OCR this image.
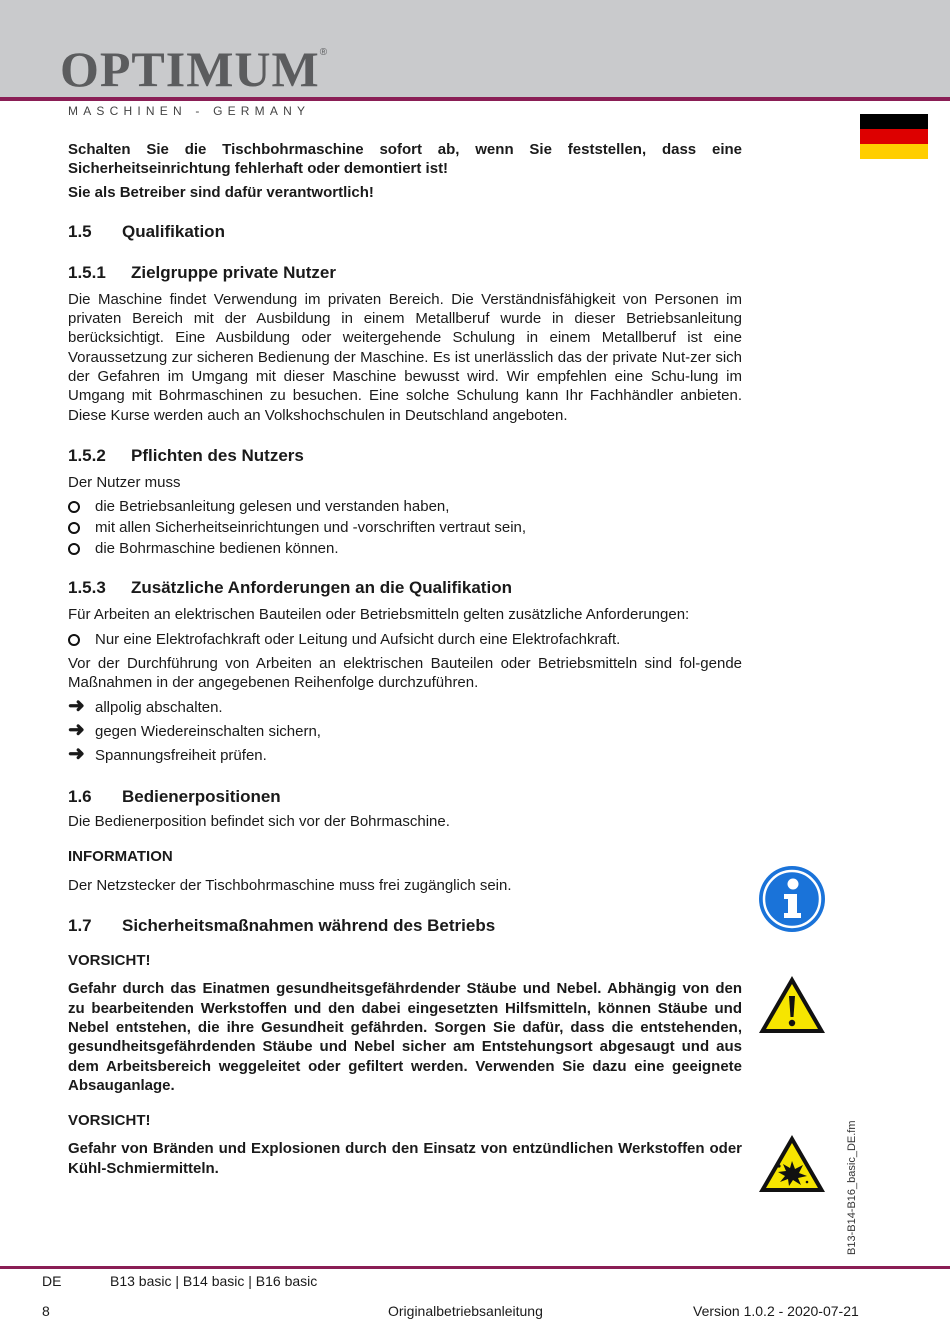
OPTIMUM®
MASCHINEN - GERMANY

Schalten Sie die Tischbohrmaschine sofort ab, wenn Sie feststellen, dass eine Sicherheitseinrichtung fehlerhaft oder demontiert ist!

Sie als Betreiber sind dafür verantwortlich!

1.5 Qualifikation
1.5.1 Zielgruppe private Nutzer

Die Maschine findet Verwendung im privaten Bereich. Die Verständnisfähigkeit von Personen im privaten Bereich mit der Ausbildung in einem Metallberuf wurde in dieser Betriebsanleitung berücksichtigt. Eine Ausbildung oder weitergehende Schulung in einem Metallberuf ist eine Voraussetzung zur sicheren Bedienung der Maschine. Es ist unerlässlich das der private Nut-zer sich der Gefahren im Umgang mit dieser Maschine bewusst wird. Wir empfehlen eine Schu-lung im Umgang mit Bohrmaschinen zu besuchen. Eine solche Schulung kann Ihr Fachhändler anbieten. Diese Kurse werden auch an Volkshochschulen in Deutschland angeboten.

1.5.2 Pflichten des Nutzers

Der Nutzer muss

die Betriebsanleitung gelesen und verstanden haben,
mit allen Sicherheitseinrichtungen und -vorschriften vertraut sein,
die Bohrmaschine bedienen können.
1.5.3 Zusätzliche Anforderungen an die Qualifikation

Für Arbeiten an elektrischen Bauteilen oder Betriebsmitteln gelten zusätzliche Anforderungen:

Nur eine Elektrofachkraft oder Leitung und Aufsicht durch eine Elektrofachkraft.

Vor der Durchführung von Arbeiten an elektrischen Bauteilen oder Betriebsmitteln sind fol-gende Maßnahmen in der angegebenen Reihenfolge durchzuführen.

➜ allpolig abschalten.
➜ gegen Wiedereinschalten sichern,
➜ Spannungsfreiheit prüfen.
1.6 Bedienerpositionen

Die Bedienerposition befindet sich vor der Bohrmaschine.

INFORMATION

Der Netzstecker der Tischbohrmaschine muss frei zugänglich sein.

1.7 Sicherheitsmaßnahmen während des Betriebs

VORSICHT!

Gefahr durch das Einatmen gesundheitsgefährdender Stäube und Nebel. Abhängig von den zu bearbeitenden Werkstoffen und den dabei eingesetzten Hilfsmitteln, können Stäube und Nebel entstehen, die ihre Gesundheit gefährden. Sorgen Sie dafür, dass die entstehenden, gesundheitsgefährdenden Stäube und Nebel sicher am Entstehungsort abgesaugt und aus dem Arbeitsbereich weggeleitet oder gefiltert werden. Verwenden Sie dazu eine geeignete Absauganlage.

VORSICHT!

Gefahr von Bränden und Explosionen durch den Einsatz von entzündlichen Werkstoffen oder Kühl-Schmiermitteln.	B13-B14-B16_basic_DE.fm
DE	B13 basic | B14 basic | B16 basic
8	Originalbetriebsanleitung	Version 1.0.2 - 2020-07-21
